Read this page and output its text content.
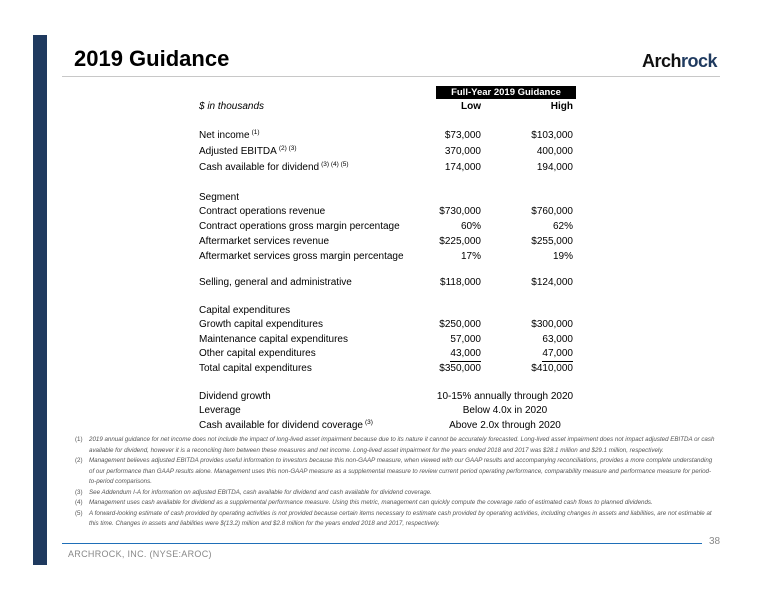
2019 Guidance	Archrock
Full-Year 2019 Guidance
$ in thousands	Low	High
Net income $^{(1)}$	$73,000	$103,000
Adjusted EBITDA $^{(2) (3)}$	370,000	400,000
Cash available for dividend $^{(3) (4) (5)}$	174,000	194,000
Segment
Contract operations revenue	$730,000	$760,000
Contract operations gross margin percentage	60%	62%
Aftermarket services revenue	$225,000	$255,000
Aftermarket services gross margin percentage	17%	19%
Selling, general and administrative	$118,000	$124,000
Capital expenditures
Growth capital expenditures	$250,000	$300,000
Maintenance capital expenditures	57,000	63,000
Other capital expenditures	43,000	47,000
Total capital expenditures	$350,000	$410,000
Dividend growth	10-15% annually through 2020
Leverage	Below 4.0x in 2020
Cash available for dividend coverage $^{(3)}$	Above 2.0x through 2020
(1) 2019 annual guidance for net income does not include the impact of long-lived asset impairment because due to its nature it cannot be accurately forecasted. Long-lived asset impairment does not impact adjusted EBITDA or cash available for dividend, however it is a reconciling item between these measures and net income. Long-lived asset impairment for the years ended 2018 and 2017 was $28.1 million and $29.1 million, respectively.
(2) Management believes adjusted EBITDA provides useful information to investors because this non-GAAP measure, when viewed with our GAAP results and accompanying reconciliations, provides a more complete understanding of our performance than GAAP results alone. Management uses this non-GAAP measure as a supplemental measure to review current period operating performance, comparability measure and performance measure for period-to-period comparisons.
(3) See Addendum I-A for information on adjusted EBITDA, cash available for dividend and cash available for dividend coverage.
(4) Management uses cash available for dividend as a supplemental performance measure. Using this metric, management can quickly compute the coverage ratio of estimated cash flows to planned dividends.
(5) A forward-looking estimate of cash provided by operating activities is not provided because certain items necessary to estimate cash provided by operating activities, including changes in assets and liabilities, are not estimable at this time. Changes in assets and liabilities were $(13.2) million and $2.8 million for the years ended 2018 and 2017, respectively.
ARCHROCK, INC. (NYSE:AROC)
38
